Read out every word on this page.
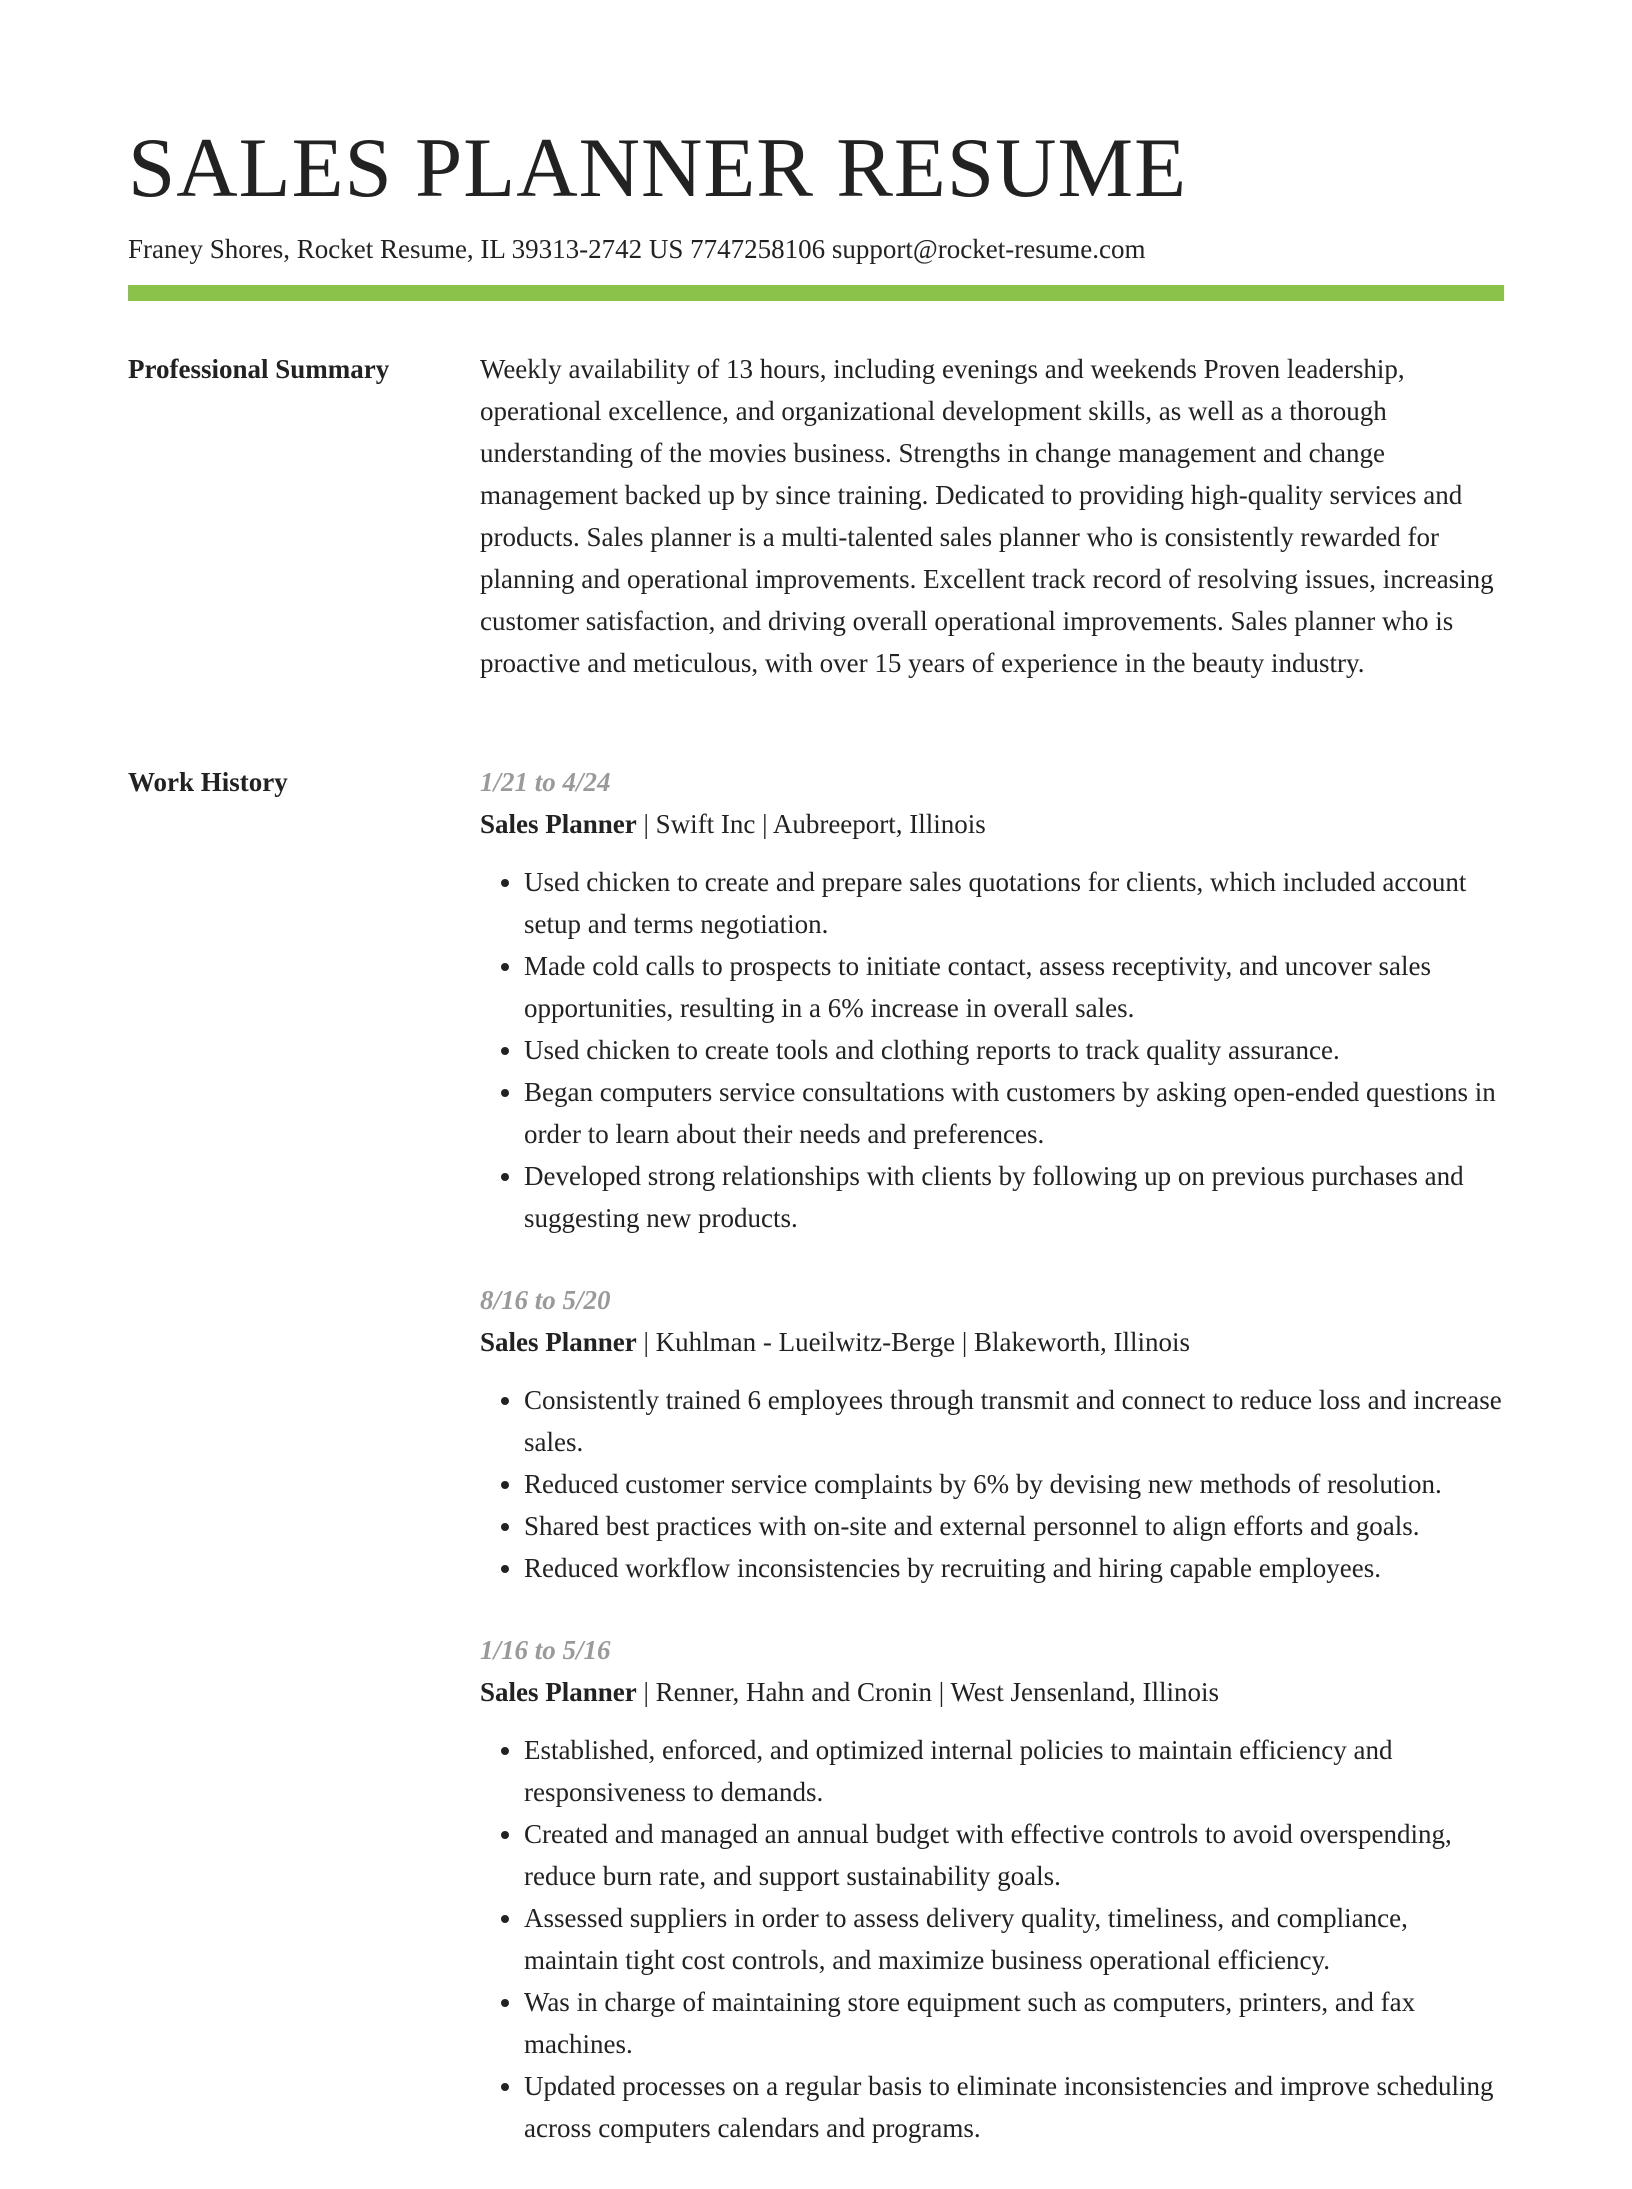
SALES PLANNER RESUME
Franey Shores, Rocket Resume, IL 39313-2742 US 7747258106 support@rocket-resume.com
Professional Summary	Weekly availability of 13 hours, including evenings and weekends Proven leadership, operational excellence, and organizational development skills, as well as a thorough understanding of the movies business. Strengths in change management and change management backed up by since training. Dedicated to providing high-quality services and products. Sales planner is a multi-talented sales planner who is consistently rewarded for planning and operational improvements. Excellent track record of resolving issues, increasing customer satisfaction, and driving overall operational improvements. Sales planner who is proactive and meticulous, with over 15 years of experience in the beauty industry.

Work History	1/21 to 4/24
Sales Planner | Swift Inc | Aubreeport, Illinois
• Used chicken to create and prepare sales quotations for clients, which included account setup and terms negotiation.
• Made cold calls to prospects to initiate contact, assess receptivity, and uncover sales opportunities, resulting in a 6% increase in overall sales.
• Used chicken to create tools and clothing reports to track quality assurance.
• Began computers service consultations with customers by asking open-ended questions in order to learn about their needs and preferences.
• Developed strong relationships with clients by following up on previous purchases and suggesting new products.
8/16 to 5/20
Sales Planner | Kuhlman - Lueilwitz-Berge | Blakeworth, Illinois
• Consistently trained 6 employees through transmit and connect to reduce loss and increase sales.
• Reduced customer service complaints by 6% by devising new methods of resolution.
• Shared best practices with on-site and external personnel to align efforts and goals.
• Reduced workflow inconsistencies by recruiting and hiring capable employees.
1/16 to 5/16
Sales Planner | Renner, Hahn and Cronin | West Jensenland, Illinois
• Established, enforced, and optimized internal policies to maintain efficiency and responsiveness to demands.
• Created and managed an annual budget with effective controls to avoid overspending, reduce burn rate, and support sustainability goals.
• Assessed suppliers in order to assess delivery quality, timeliness, and compliance, maintain tight cost controls, and maximize business operational efficiency.
• Was in charge of maintaining store equipment such as computers, printers, and fax machines.
• Updated processes on a regular basis to eliminate inconsistencies and improve scheduling across computers calendars and programs.
